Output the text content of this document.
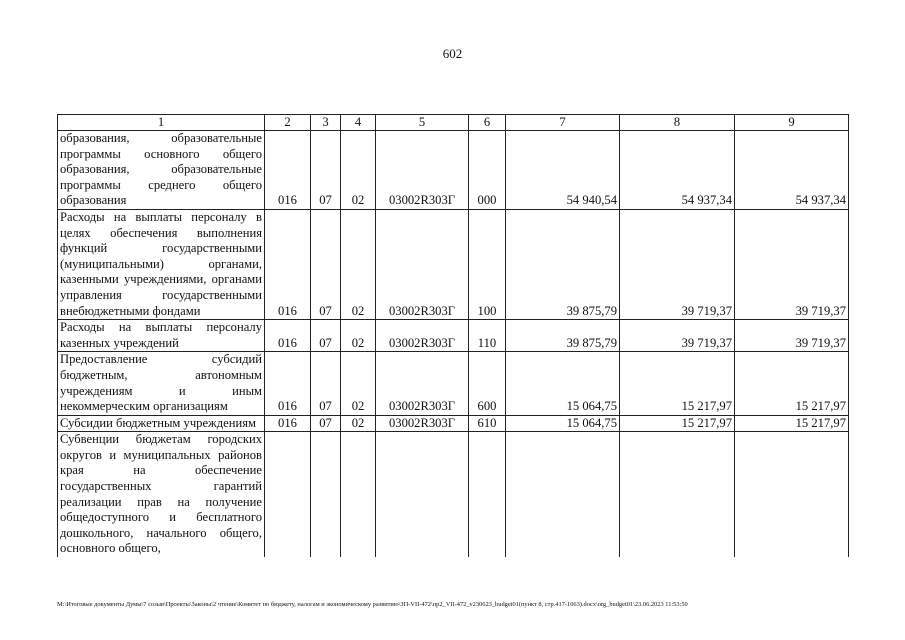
602
1	2	3	4	5	6	7	8	9

образования, образовательные программы основного общего образования, образовательные программы среднего общего образования	016	07	02	03002R303Г	000	54 940,54	54 937,34	54 937,34

Расходы на выплаты персоналу в целях обеспечения выполнения функций государственными (муниципальными) органами, казенными учреждениями, органами управления государственными внебюджетными фондами	016	07	02	03002R303Г	100	39 875,79	39 719,37	39 719,37

Расходы на выплаты персоналу казенных учреждений	016	07	02	03002R303Г	110	39 875,79	39 719,37	39 719,37

Предоставление субсидий бюджетным, автономным учреждениям и иным некоммерческим организациям	016	07	02	03002R303Г	600	15 064,75	15 217,97	15 217,97

Субсидии бюджетным учреждениям	016	07	02	03002R303Г	610	15 064,75	15 217,97	15 217,97

Субвенции бюджетам городских округов и муниципальных районов края на обеспечение государственных гарантий реализации прав на получение общедоступного и бесплатного дошкольного, начального общего, основного общего,								

M:\Итоговые документы Думы\7 созыв\Проекты\Законы\2 чтение\Комитет по бюджету, налогам и экономическому развитию\ЗП-VII-472\пр2_VII-472_v230623_budget01(пункт 8, стр.417-1063).docx\org_budget01\23.06.2023 11:53:50
